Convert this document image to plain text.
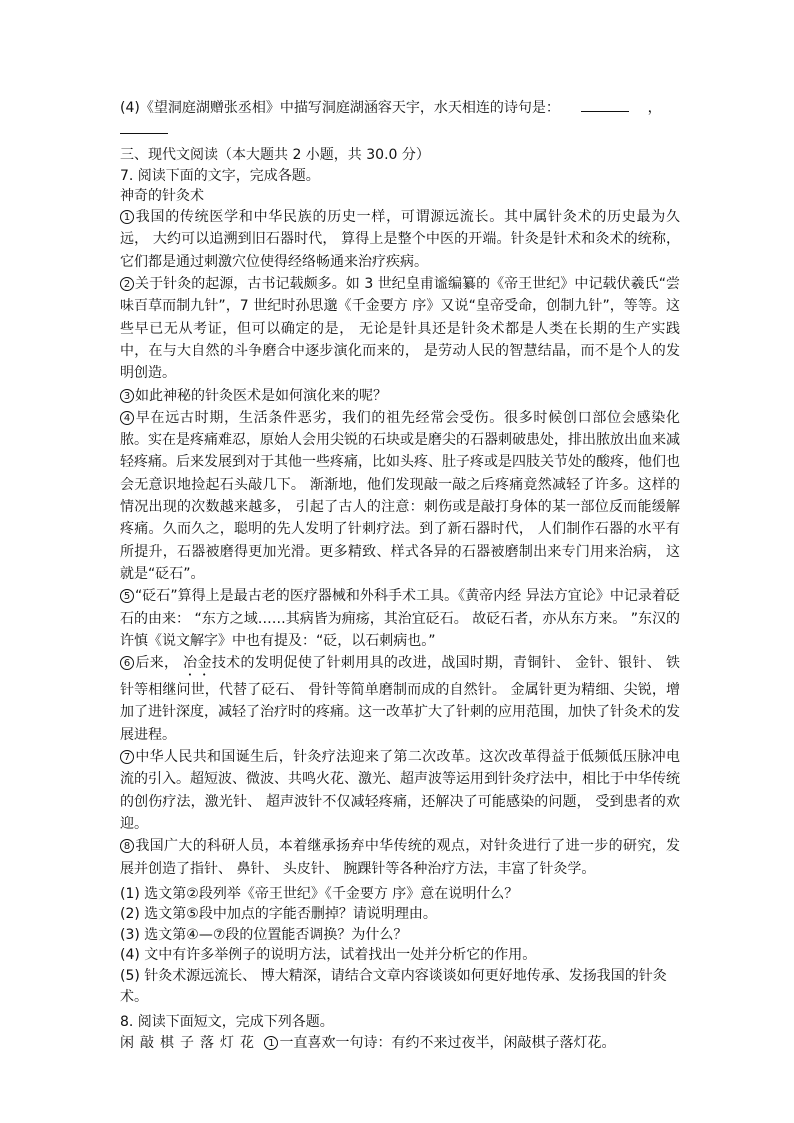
(4)《望洞庭湖赠张丞相》中描写洞庭湖涵容天宇，水天相连的诗句是：	，
三、现代文阅读（本大题共 2 小题，共 30.0 分）
7. 阅读下面的文字，完成各题。
神奇的针灸术
1 我国的传统医学和中华民族的历史一样，可谓源远流长。其中属针灸术的历史最为久远， 大约可以追溯到旧石器时代， 算得上是整个中医的开端。针灸是针术和灸术的统称，它们都是通过刺激穴位使得经络畅通来治疗疾病。
2 关于针灸的起源，古书记载颇多。如 3 世纪皇甫谧编纂的《帝王世纪》中记载伏羲氏“尝味百草而制九针”，7 世纪时孙思邈《千金要方 序》又说“皇帝受命，创制九针”，等等。这些早已无从考证，但可以确定的是， 无论是针具还是针灸术都是人类在长期的生产实践中，在与大自然的斗争磨合中逐步演化而来的， 是劳动人民的智慧结晶，而不是个人的发明创造。
3 如此神秘的针灸医术是如何演化来的呢？
4 早在远古时期，生活条件恶劣，我们的祖先经常会受伤。很多时候创口部位会感染化脓。实在是疼痛难忍，原始人会用尖锐的石块或是磨尖的石器刺破患处，排出脓放出血来减轻疼痛。后来发展到对于其他一些疼痛，比如头疼、肚子疼或是四肢关节处的酸疼，他们也会无意识地捡起石头敲几下。 渐渐地，他们发现敲一敲之后疼痛竟然减轻了许多。这样的情况出现的次数越来越多， 引起了古人的注意：刺伤或是敲打身体的某一部位反而能缓解疼痛。久而久之，聪明的先人发明了针刺疗法。到了新石器时代， 人们制作石器的水平有所提升，石器被磨得更加光滑。更多精致、样式各异的石器被磨制出来专门用来治病， 这就是“砭石”。
5 “砭石”算得上是最古老的医疗器械和外科手术工具。《黄帝内经 异法方宜论》中记录着砭石的由来： “东方之域……其病皆为痈疡，其治宜砭石。 故砭石者，亦从东方来。 ”东汉的许慎《说文解字》中也有提及：“砭，以石刺病也。”
6 后来， 冶金技术的发明促使了针刺用具的改进，战国时期，青铜针、 金针、银针、 铁针等相继问世，代替了砭石、 骨针等简单磨制而成的自然针。 金属针更为精细、尖锐，增加了进针深度，减轻了治疗时的疼痛。这一改革扩大了针刺的应用范围，加快了针灸术的发展进程。
7 中华人民共和国诞生后，针灸疗法迎来了第二次改革。这次改革得益于低频低压脉冲电流的引入。超短波、微波、共鸣火花、激光、超声波等运用到针灸疗法中，相比于中华传统的创伤疗法，激光针、 超声波针不仅减轻疼痛，还解决了可能感染的问题， 受到患者的欢迎。
8 我国广大的科研人员，本着继承扬弃中华传统的观点，对针灸进行了进一步的研究，发展并创造了指针、 鼻针、 头皮针、 腕踝针等各种治疗方法，丰富了针灸学。
(1) 选文第②段列举《帝王世纪》《千金要方 序》意在说明什么？
(2) 选文第⑤段中加点的字能否删掉？请说明理由。
(3) 选文第④—⑦段的位置能否调换？为什么？
(4) 文中有许多举例子的说明方法，试着找出一处并分析它的作用。
(5) 针灸术源远流长、 博大精深，请结合文章内容谈谈如何更好地传承、发扬我国的针灸术。
8. 阅读下面短文，完成下列各题。
闲敲棋子落灯花 1 一直喜欢一句诗：有约不来过夜半，闲敲棋子落灯花。
